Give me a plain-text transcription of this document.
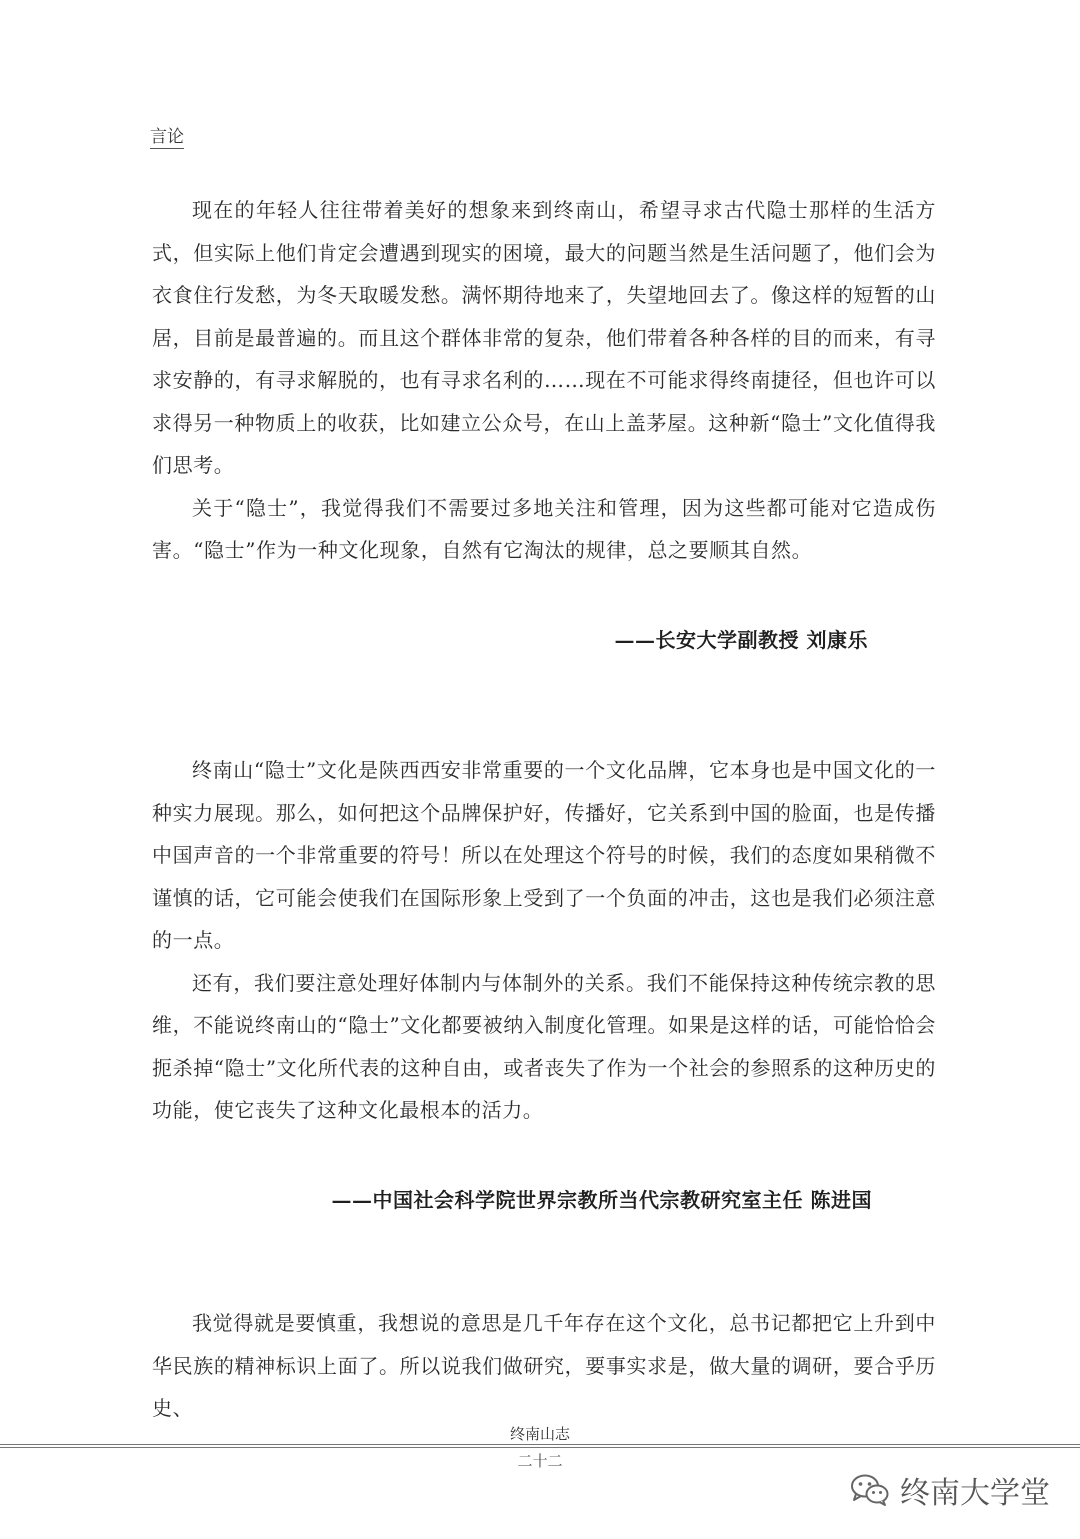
言论

现在的年轻人往往带着美好的想象来到终南山，希望寻求古代隐士那样的生活方式，但实际上他们肯定会遭遇到现实的困境，最大的问题当然是生活问题了，他们会为衣食住行发愁，为冬天取暖发愁。满怀期待地来了，失望地回去了。像这样的短暂的山居，目前是最普遍的。而且这个群体非常的复杂，他们带着各种各样的目的而来，有寻求安静的，有寻求解脱的，也有寻求名利的……现在不可能求得终南捷径，但也许可以求得另一种物质上的收获，比如建立公众号，在山上盖茅屋。这种新“隐士”文化值得我们思考。

关于“隐士”，我觉得我们不需要过多地关注和管理，因为这些都可能对它造成伤害。“隐士”作为一种文化现象，自然有它淘汰的规律，总之要顺其自然。

——长安大学副教授 刘康乐

终南山“隐士”文化是陕西西安非常重要的一个文化品牌，它本身也是中国文化的一种实力展现。那么，如何把这个品牌保护好，传播好，它关系到中国的脸面，也是传播中国声音的一个非常重要的符号！所以在处理这个符号的时候，我们的态度如果稍微不谨慎的话，它可能会使我们在国际形象上受到了一个负面的冲击，这也是我们必须注意的一点。

还有，我们要注意处理好体制内与体制外的关系。我们不能保持这种传统宗教的思维，不能说终南山的“隐士”文化都要被纳入制度化管理。如果是这样的话，可能恰恰会扼杀掉“隐士”文化所代表的这种自由，或者丧失了作为一个社会的参照系的这种历史的功能，使它丧失了这种文化最根本的活力。

——中国社会科学院世界宗教所当代宗教研究室主任 陈进国

我觉得就是要慎重，我想说的意思是几千年存在这个文化，总书记都把它上升到中华民族的精神标识上面了。所以说我们做研究，要事实求是，做大量的调研，要合乎历史、

终南山志
二十二
终南大学堂
